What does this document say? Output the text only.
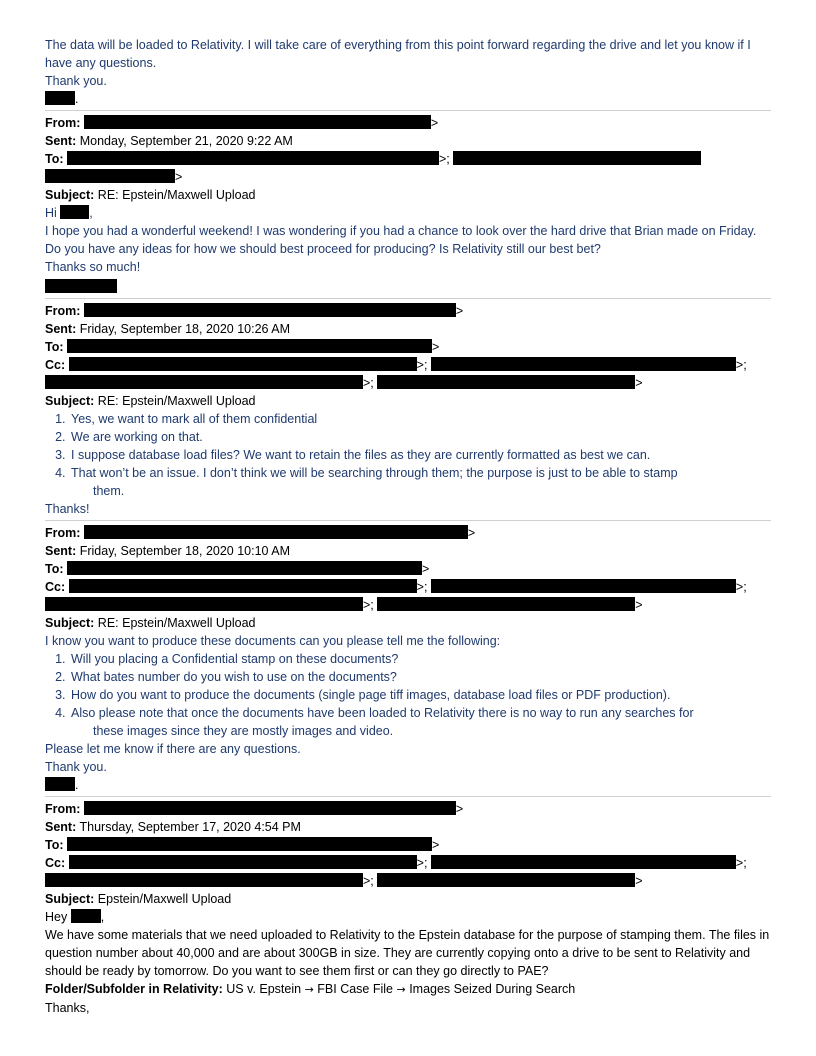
The data will be loaded to Relativity. I will take care of everything from this point forward regarding the drive and let you know if I have any questions.
Thank you.
.
From:	>
Sent: Monday, September 21, 2020 9:22 AM
To:	>;
>
Subject: RE: Epstein/Maxwell Upload
Hi	,
I hope you had a wonderful weekend! I was wondering if you had a chance to look over the hard drive that Brian made on Friday. Do you have any ideas for how we should best proceed for producing? Is Relativity still our best bet?
Thanks so much!
From:	>
Sent: Friday, September 18, 2020 10:26 AM
To:	>
Cc:	>;	>;
>;	>
Subject: RE: Epstein/Maxwell Upload
1. Yes, we want to mark all of them confidential
2. We are working on that.
3. I suppose database load files? We want to retain the files as they are currently formatted as best we can.
4. That won’t be an issue. I don’t think we will be searching through them; the purpose is just to be able to stamp
them.
Thanks!
From:	>
Sent: Friday, September 18, 2020 10:10 AM
To:	>
Cc:	>;	>;
>;	>
Subject: RE: Epstein/Maxwell Upload
I know you want to produce these documents can you please tell me the following:
1. Will you placing a Confidential stamp on these documents?
2. What bates number do you wish to use on the documents?
3. How do you want to produce the documents (single page tiff images, database load files or PDF production).
4. Also please note that once the documents have been loaded to Relativity there is no way to run any searches for
these images since they are mostly images and video.
Please let me know if there are any questions.
Thank you.
.
From:	>
Sent: Thursday, September 17, 2020 4:54 PM
To:	>
Cc:	>;	>;
>;	>
Subject: Epstein/Maxwell Upload
Hey	,
We have some materials that we need uploaded to Relativity to the Epstein database for the purpose of stamping them. The files in question number about 40,000 and are about 300GB in size. They are currently copying onto a drive to be sent to Relativity and should be ready by tomorrow. Do you want to see them first or can they go directly to PAE?
Folder/Subfolder in Relativity: US v. Epstein → FBI Case File → Images Seized During Search
Thanks,
